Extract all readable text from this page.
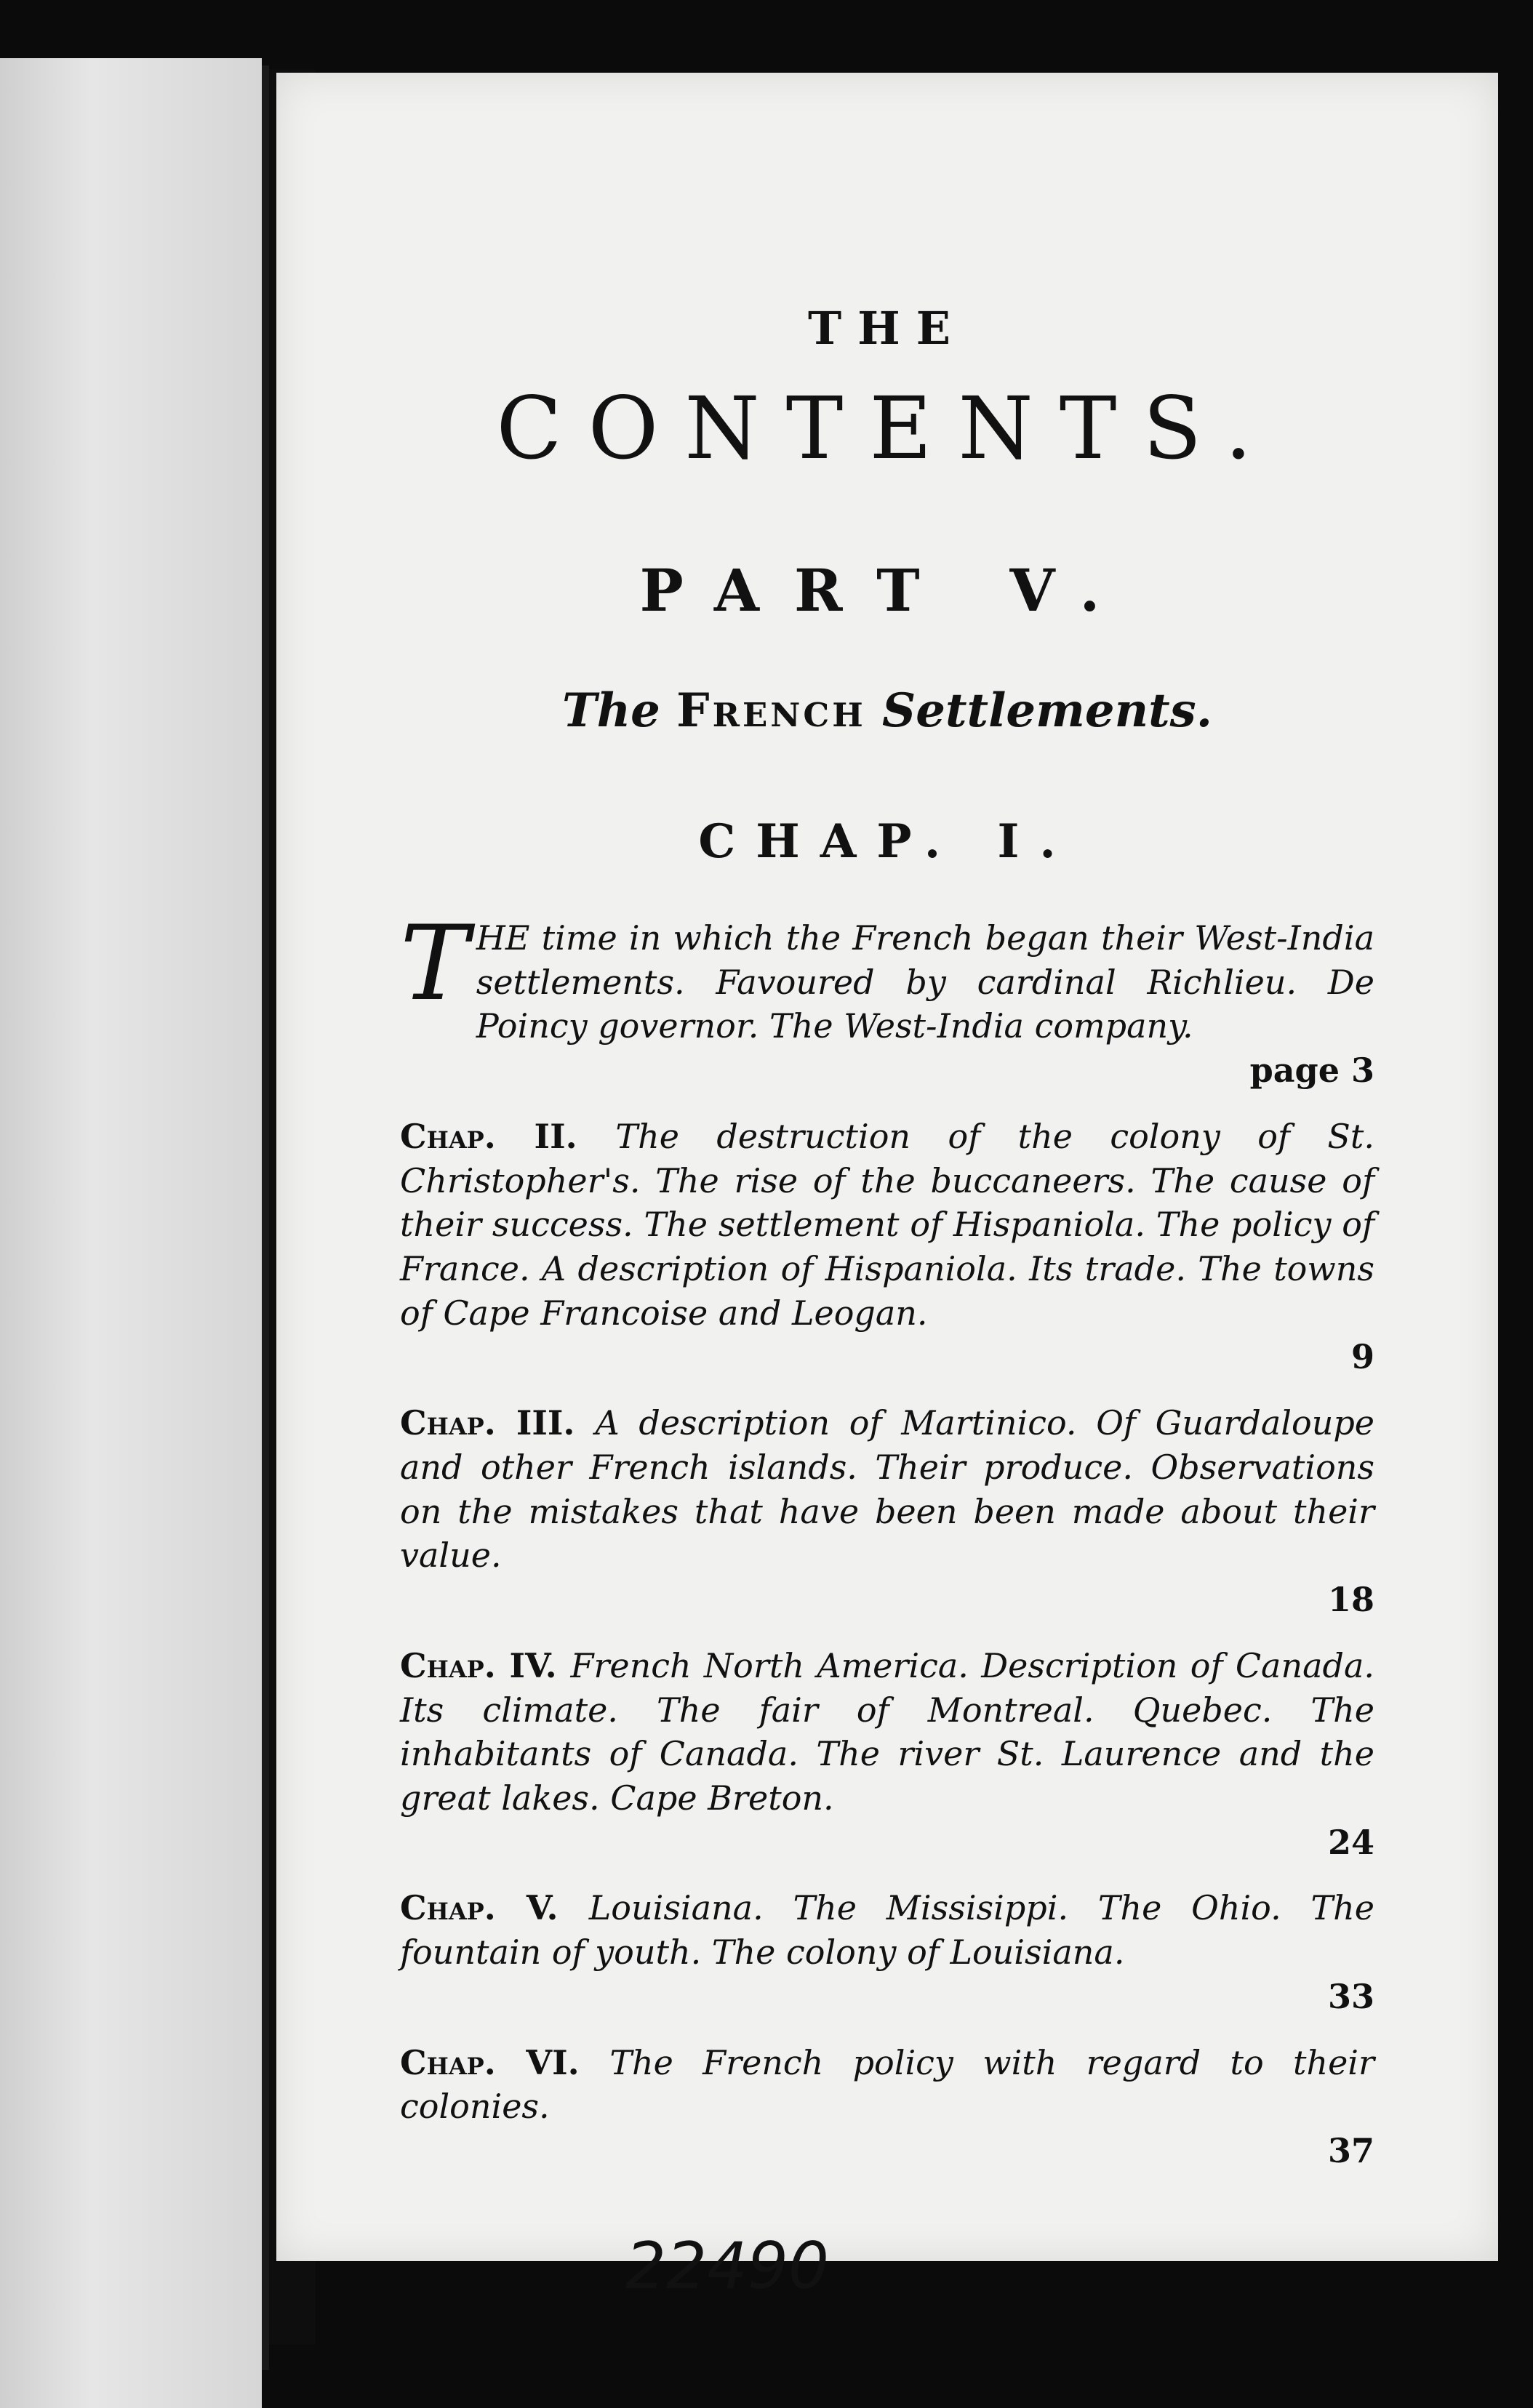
THE
CONTENTS.
PART V.
The French Settlements.
CHAP. I.
T HE time in which the French began their West-India settlements. Favoured by cardinal Richlieu. De Poincy governor. The West-India company.
page 3
Chap. II. The destruction of the colony of St. Christopher's. The rise of the buccaneers. The cause of their success. The settlement of Hispaniola. The policy of France. A description of Hispaniola. Its trade. The towns of Cape Francoise and Leogan.
9
Chap. III. A description of Martinico. Of Guardaloupe and other French islands. Their produce. Observations on the mistakes that have been been made about their value.
18
Chap. IV. French North America. Description of Canada. Its climate. The fair of Montreal. Quebec. The inhabitants of Canada. The river St. Laurence and the great lakes. Cape Breton.
24
Chap. V. Louisiana. The Missisippi. The Ohio. The fountain of youth. The colony of Louisiana.
33
Chap. VI. The French policy with regard to their colonies.
37
22490
